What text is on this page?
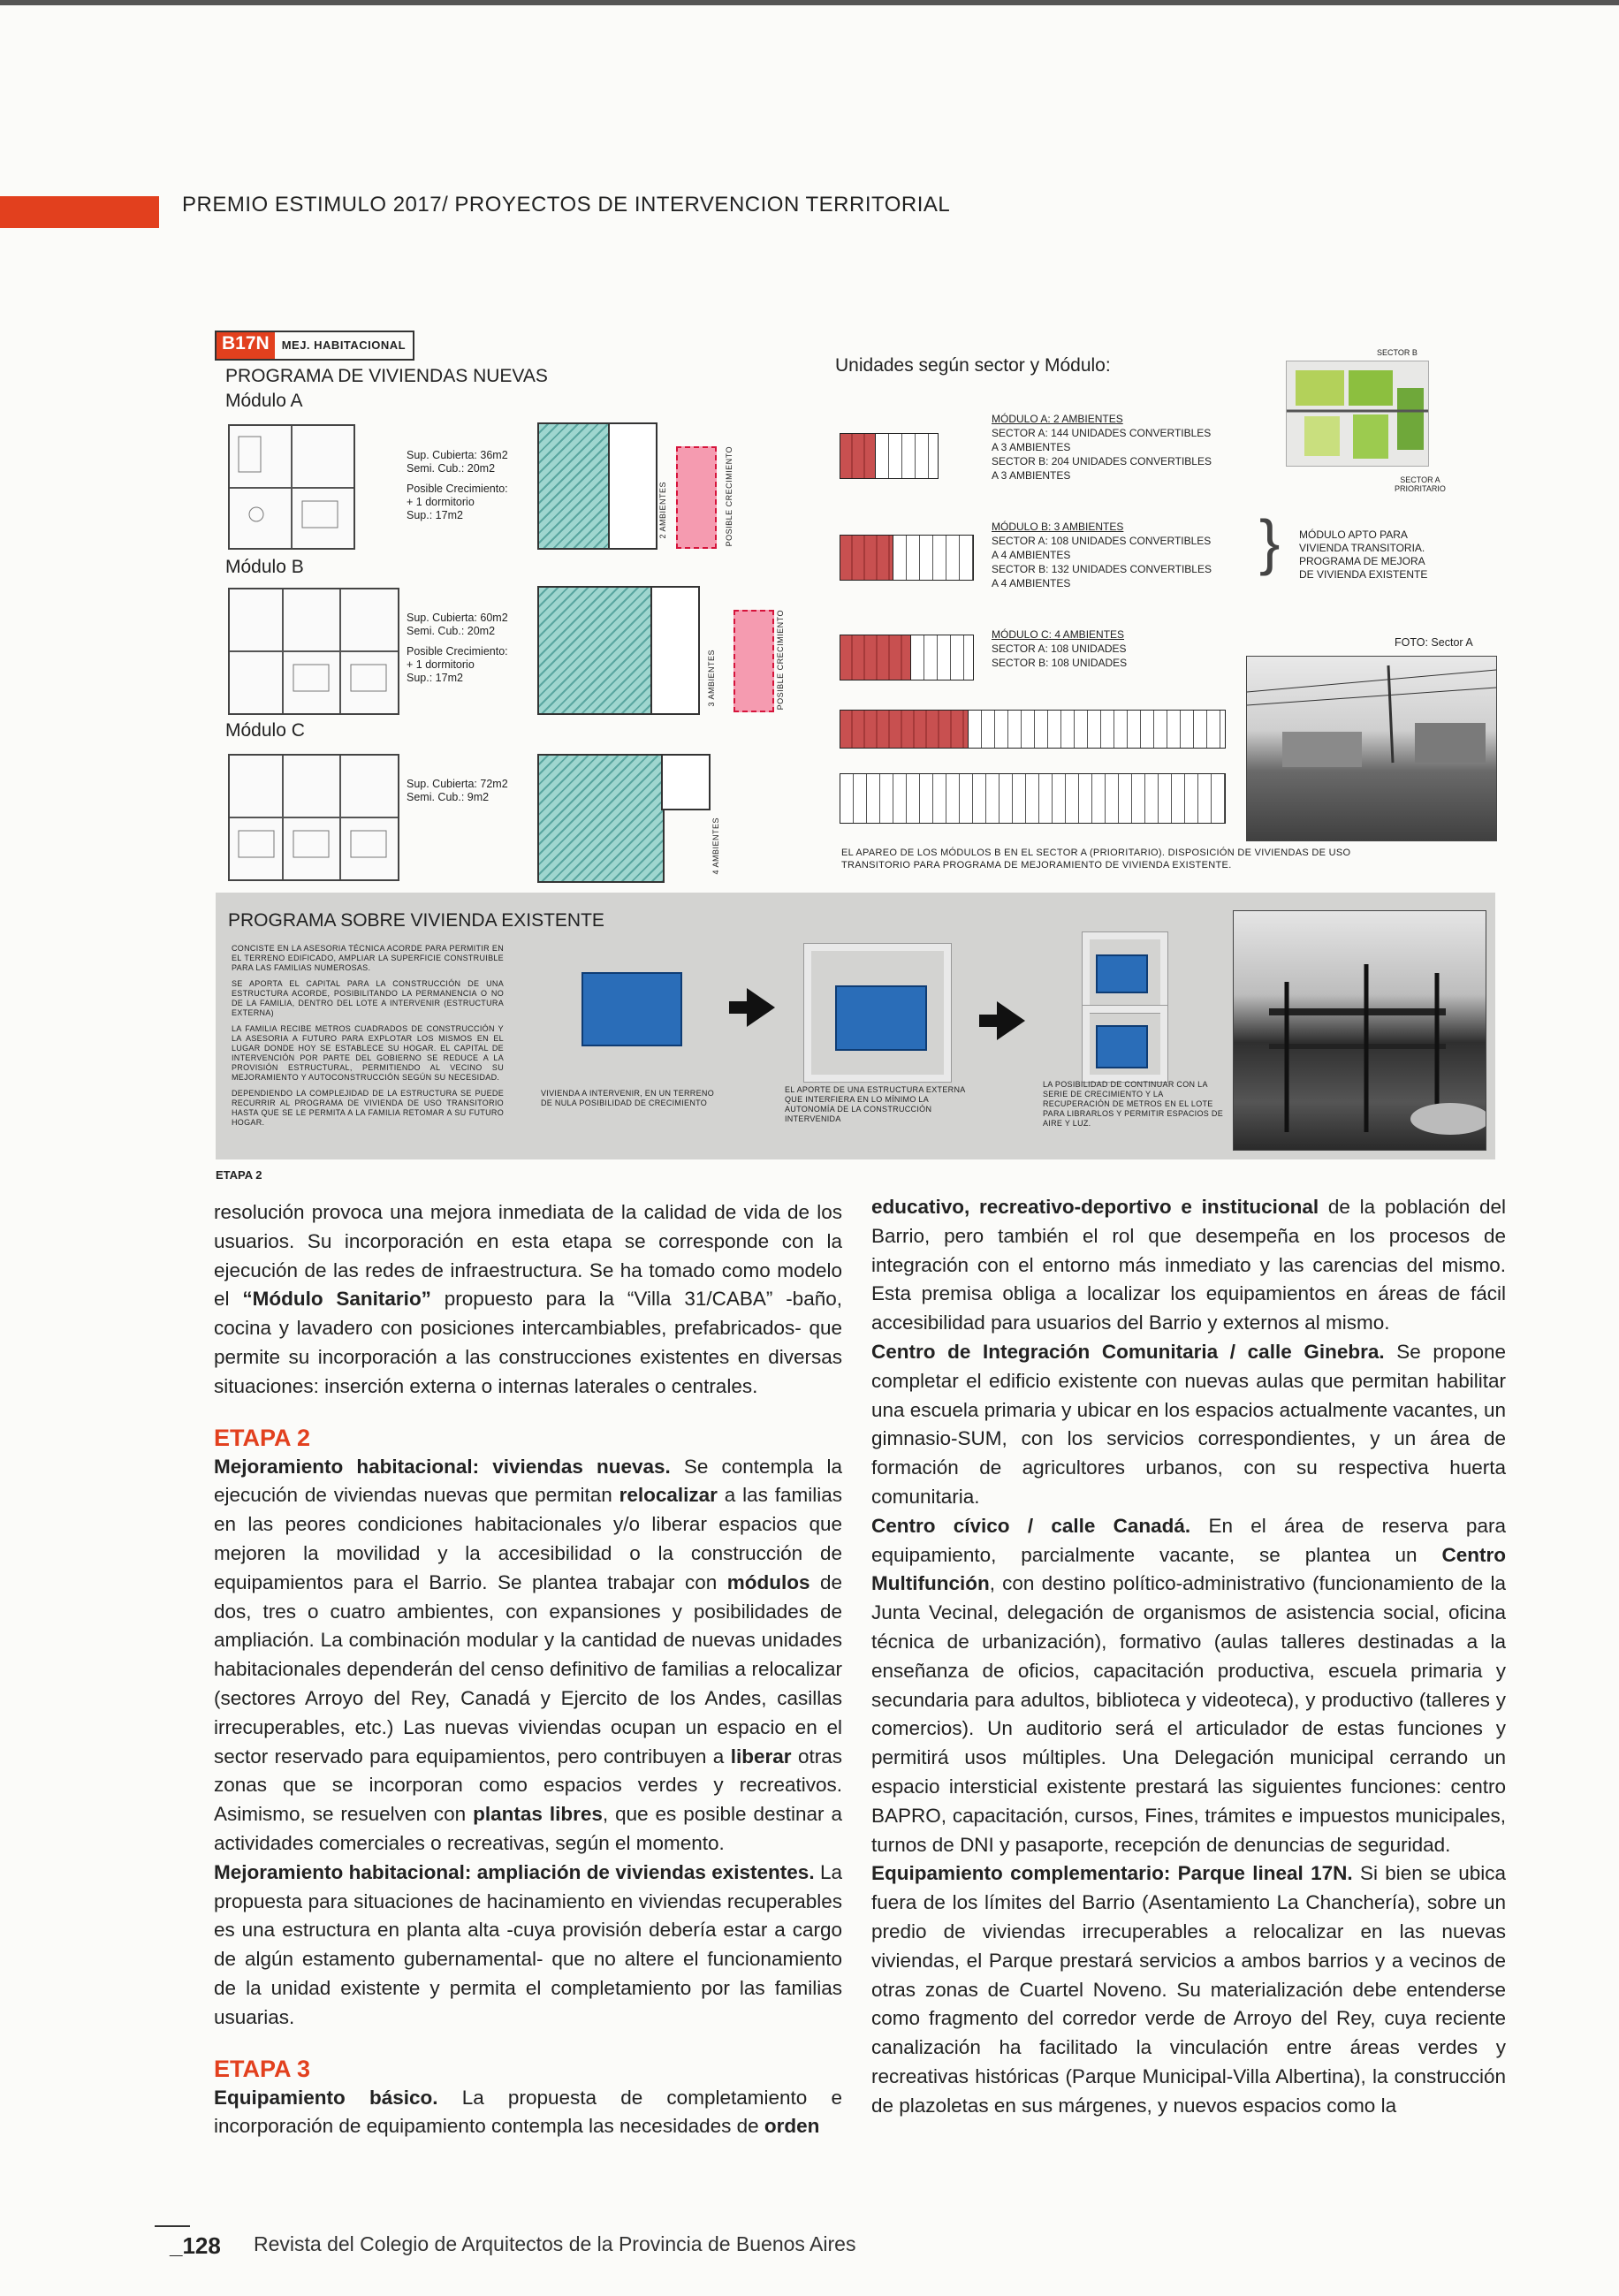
PREMIO ESTIMULO 2017/ PROYECTOS DE INTERVENCION TERRITORIAL
B17N	MEJ. HABITACIONAL
PROGRAMA DE VIVIENDAS NUEVAS
Módulo A
Sup. Cubierta: 36m2
Semi. Cub.: 20m2
Posible Crecimiento:
+ 1 dormitorio
Sup.: 17m2	2 AMBIENTES	POSIBLE CRECIMIENTO
Módulo B
Sup. Cubierta: 60m2
Semi. Cub.: 20m2
Posible Crecimiento:
+ 1 dormitorio
Sup.: 17m2	3 AMBIENTES	POSIBLE CRECIMIENTO
Módulo C
Sup. Cubierta: 72m2
Semi. Cub.: 9m2
4 AMBIENTES
Unidades según sector y Módulo:
MÓDULO A: 2 AMBIENTES
SECTOR A: 144 UNIDADES CONVERTIBLES
A 3 AMBIENTES
SECTOR B: 204 UNIDADES CONVERTIBLES
A 3 AMBIENTES
MÓDULO B: 3 AMBIENTES
SECTOR A: 108 UNIDADES CONVERTIBLES
A 4 AMBIENTES
SECTOR B: 132 UNIDADES CONVERTIBLES
A 4 AMBIENTES
} MÓDULO APTO PARA
VIVIENDA TRANSITORIA.
PROGRAMA DE MEJORA
DE VIVIENDA EXISTENTE
MÓDULO C: 4 AMBIENTES
SECTOR A: 108 UNIDADES
SECTOR B: 108 UNIDADES
SECTOR B
SECTOR A
PRIORITARIO
FOTO: Sector A
EL APAREO DE LOS MÓDULOS B EN EL SECTOR A (PRIORITARIO). DISPOSICIÓN DE VIVIENDAS DE USO
TRANSITORIO PARA PROGRAMA DE MEJORAMIENTO DE VIVIENDA EXISTENTE.
PROGRAMA SOBRE VIVIENDA EXISTENTE
CONCISTE EN LA ASESORIA TÉCNICA ACORDE PARA PERMITIR EN EL TERRENO EDIFICADO, AMPLIAR LA SUPERFICIE CONSTRUIBLE PARA LAS FAMILIAS NUMEROSAS.
SE APORTA EL CAPITAL PARA LA CONSTRUCCIÓN DE UNA ESTRUCTURA ACORDE, POSIBILITANDO LA PERMANENCIA O NO DE LA FAMILIA, DENTRO DEL LOTE A INTERVENIR (ESTRUCTURA EXTERNA)
LA FAMILIA RECIBE METROS CUADRADOS DE CONSTRUCCIÓN Y LA ASESORIA A FUTURO PARA EXPLOTAR LOS MISMOS EN EL LUGAR DONDE HOY SE ESTABLECE SU HOGAR. EL CAPITAL DE INTERVENCIÓN POR PARTE DEL GOBIERNO SE REDUCE A LA PROVISIÓN ESTRUCTURAL, PERMITIENDO AL VECINO SU MEJORAMIENTO Y AUTOCONSTRUCCIÓN SEGÚN SU NECESIDAD.
DEPENDIENDO LA COMPLEJIDAD DE LA ESTRUCTURA SE PUEDE RECURRIR AL PROGRAMA DE VIVIENDA DE USO TRANSITORIO HASTA QUE SE LE PERMITA A LA FAMILIA RETOMAR A SU FUTURO HOGAR.
VIVIENDA A INTERVENIR, EN UN TERRENO DE NULA POSIBILIDAD DE CRECIMIENTO
EL APORTE DE UNA ESTRUCTURA EXTERNA QUE INTERFIERA EN LO MÍNIMO LA AUTONOMÍA DE LA CONSTRUCCIÓN INTERVENIDA
LA POSIBILIDAD DE CONTINUAR CON LA SERIE DE CRECIMIENTO Y LA RECUPERACIÓN DE METROS EN EL LOTE PARA LIBRARLOS Y PERMITIR ESPACIOS DE AIRE Y LUZ.
ETAPA 2

resolución provoca una mejora inmediata de la calidad de vida de los usuarios. Su incorporación en esta etapa se corresponde con la ejecución de las redes de infraestructura. Se ha tomado como modelo el “Módulo Sanitario” propuesto para la “Villa 31/CABA” -baño, cocina y lavadero con posiciones intercambiables, prefabricados- que permite su incorporación a las construcciones existentes en diversas situaciones: inserción externa o internas laterales o centrales.

ETAPA 2

Mejoramiento habitacional: viviendas nuevas. Se contempla la ejecución de viviendas nuevas que permitan relocalizar a las familias en las peores condiciones habitacionales y/o liberar espacios que mejoren la movilidad y la accesibilidad o la construcción de equipamientos para el Barrio. Se plantea trabajar con módulos de dos, tres o cuatro ambientes, con expansiones y posibilidades de ampliación. La combinación modular y la cantidad de nuevas unidades habitacionales dependerán del censo definitivo de familias a relocalizar (sectores Arroyo del Rey, Canadá y Ejercito de los Andes, casillas irrecuperables, etc.) Las nuevas viviendas ocupan un espacio en el sector reservado para equipamientos, pero contribuyen a liberar otras zonas que se incorporan como espacios verdes y recreativos. Asimismo, se resuelven con plantas libres, que es posible destinar a actividades comerciales o recreativas, según el momento.

Mejoramiento habitacional: ampliación de viviendas existentes. La propuesta para situaciones de hacinamiento en viviendas recuperables es una estructura en planta alta -cuya provisión debería estar a cargo de algún estamento gubernamental- que no altere el funcionamiento de la unidad existente y permita el completamiento por las familias usuarias.

ETAPA 3

Equipamiento básico. La propuesta de completamiento e incorporación de equipamiento contempla las necesidades de orden

educativo, recreativo-deportivo e institucional de la población del Barrio, pero también el rol que desempeña en los procesos de integración con el entorno más inmediato y las carencias del mismo. Esta premisa obliga a localizar los equipamientos en áreas de fácil accesibilidad para usuarios del Barrio y externos al mismo.

Centro de Integración Comunitaria / calle Ginebra. Se propone completar el edificio existente con nuevas aulas que permitan habilitar una escuela primaria y ubicar en los espacios actualmente vacantes, un gimnasio-SUM, con los servicios correspondientes, y un área de formación de agricultores urbanos, con su respectiva huerta comunitaria.

Centro cívico / calle Canadá. En el área de reserva para equipamiento, parcialmente vacante, se plantea un Centro Multifunción, con destino político-administrativo (funcionamiento de la Junta Vecinal, delegación de organismos de asistencia social, oficina técnica de urbanización), formativo (aulas talleres destinadas a la enseñanza de oficios, capacitación productiva, escuela primaria y secundaria para adultos, biblioteca y videoteca), y productivo (talleres y comercios). Un auditorio será el articulador de estas funciones y permitirá usos múltiples. Una Delegación municipal cerrando un espacio intersticial existente prestará las siguientes funciones: centro BAPRO, capacitación, cursos, Fines, trámites e impuestos municipales, turnos de DNI y pasaporte, recepción de denuncias de seguridad.

Equipamiento complementario: Parque lineal 17N. Si bien se ubica fuera de los límites del Barrio (Asentamiento La Chanchería), sobre un predio de viviendas irrecuperables a relocalizar en las nuevas viviendas, el Parque prestará servicios a ambos barrios y a vecinos de otras zonas de Cuartel Noveno. Su materialización debe entenderse como fragmento del corredor verde de Arroyo del Rey, cuya reciente canalización ha facilitado la vinculación entre áreas verdes y recreativas históricas (Parque Municipal-Villa Albertina), la construcción de plazoletas en sus márgenes, y nuevos espacios como la

_128 Revista del Colegio de Arquitectos de la Provincia de Buenos Aires
